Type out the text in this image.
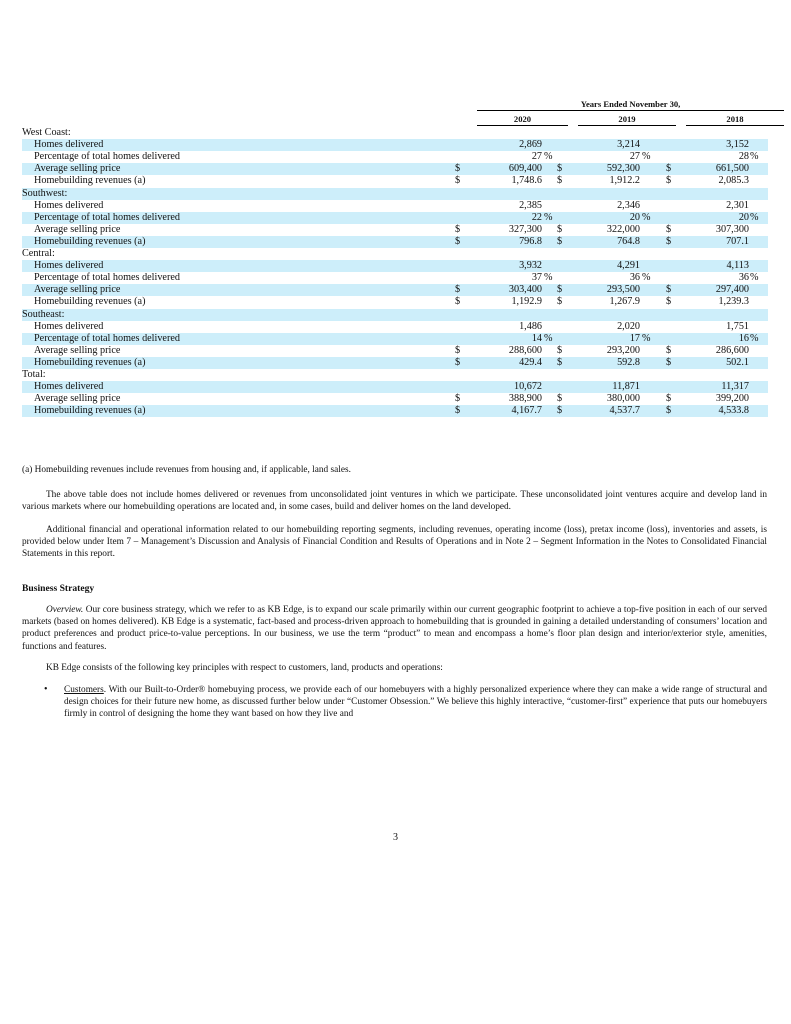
Years Ended November 30,
2020	2019	2018
West Coast:
Homes delivered	2,869	3,214	3,152
Percentage of total homes delivered	27 %	27 %	28 %
Average selling price	$	609,400 $	592,300	$	661,500
Homebuilding revenues (a)	$	1,748.6 $	1,912.2	$	2,085.3
Southwest:
Homes delivered	2,385	2,346	2,301
Percentage of total homes delivered	22 %	20 %	20 %
Average selling price	$	327,300 $	322,000	$	307,300
Homebuilding revenues (a)	$	796.8 $	764.8	$	707.1
Central:
Homes delivered	3,932	4,291	4,113
Percentage of total homes delivered	37 %	36 %	36 %
Average selling price	$	303,400 $	293,500	$	297,400
Homebuilding revenues (a)	$	1,192.9 $	1,267.9	$	1,239.3
Southeast:
Homes delivered	1,486	2,020	1,751
Percentage of total homes delivered	14 %	17 %	16 %
Average selling price	$	288,600 $	293,200	$	286,600
Homebuilding revenues (a)	$	429.4 $	592.8	$	502.1
Total:
Homes delivered	10,672	11,871	11,317
Average selling price	$	388,900 $	380,000	$	399,200
Homebuilding revenues (a)	$	4,167.7 $	4,537.7	$	4,533.8
(a) Homebuilding revenues include revenues from housing and, if applicable, land sales.
The above table does not include homes delivered or revenues from unconsolidated joint ventures in which we participate. These unconsolidated joint ventures acquire and develop land in various markets where our homebuilding operations are located and, in some cases, build and deliver homes on the land developed.
Additional financial and operational information related to our homebuilding reporting segments, including revenues, operating income (loss), pretax income (loss), inventories and assets, is provided below under Item 7 – Management’s Discussion and Analysis of Financial Condition and Results of Operations and in Note 2 – Segment Information in the Notes to Consolidated Financial Statements in this report.
Business Strategy
Overview. Our core business strategy, which we refer to as KB Edge, is to expand our scale primarily within our current geographic footprint to achieve a top-five position in each of our served markets (based on homes delivered). KB Edge is a systematic, fact-based and process-driven approach to homebuilding that is grounded in gaining a detailed understanding of consumers’ location and product preferences and product price-to-value perceptions. In our business, we use the term “product” to mean and encompass a home’s floor plan design and interior/exterior style, amenities, functions and features.
KB Edge consists of the following key principles with respect to customers, land, products and operations:
• Customers. With our Built-to-Order® homebuying process, we provide each of our homebuyers with a highly personalized experience where they can make a wide range of structural and design choices for their future new home, as discussed further below under “Customer Obsession.” We believe this highly interactive, “customer-first” experience that puts our homebuyers firmly in control of designing the home they want based on how they live and
3
